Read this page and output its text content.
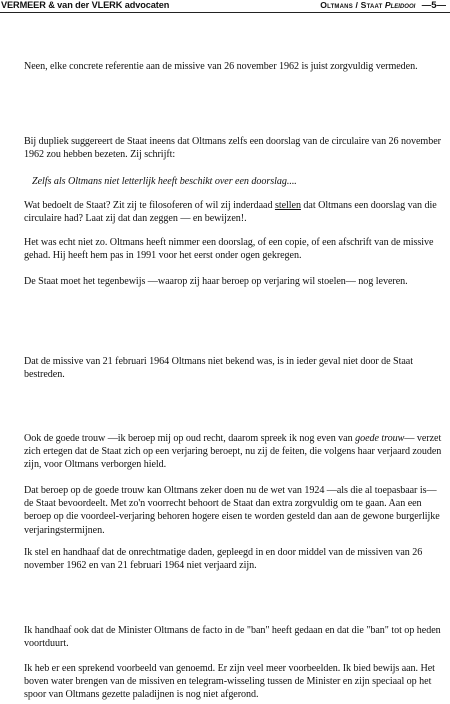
VERMEER & van der VLERK advocaten	Oltmans / Staat Pleidooi —5—

Neen, elke concrete referentie aan de missive van 26 november 1962 is juist zorgvuldig vermeden.

Bij dupliek suggereert de Staat ineens dat Oltmans zelfs een doorslag van de circulaire van 26 november 1962 zou hebben bezeten. Zij schrijft:

Zelfs als Oltmans niet letterlijk heeft beschikt over een doorslag....

Wat bedoelt de Staat? Zit zij te filosoferen of wil zij inderdaad stellen dat Oltmans een doorslag van die circulaire had? Laat zij dat dan zeggen — en bewijzen!.

Het was echt niet zo. Oltmans heeft nimmer een doorslag, of een copie, of een afschrift van de missive gehad. Hij heeft hem pas in 1991 voor het eerst onder ogen gekregen.

De Staat moet het tegenbewijs —waarop zij haar beroep op verjaring wil stoelen— nog leveren.

Dat de missive van 21 februari 1964 Oltmans niet bekend was, is in ieder geval niet door de Staat bestreden.

Ook de goede trouw —ik beroep mij op oud recht, daarom spreek ik nog even van goede trouw— verzet zich ertegen dat de Staat zich op een verjaring beroept, nu zij de feiten, die volgens haar verjaard zouden zijn, voor Oltmans verborgen hield.

Dat beroep op de goede trouw kan Oltmans zeker doen nu de wet van 1924 —als die al toepasbaar is— de Staat bevoordeelt. Met zo'n voorrecht behoort de Staat dan extra zorgvuldig om te gaan. Aan een beroep op die voordeel-verjaring behoren hogere eisen te worden gesteld dan aan de gewone burgerlijke verjaringstermijnen.

Ik stel en handhaaf dat de onrechtmatige daden, gepleegd in en door middel van de missiven van 26 november 1962 en van 21 februari 1964 niet verjaard zijn.

Ik handhaaf ook dat de Minister Oltmans de facto in de "ban" heeft gedaan en dat die "ban" tot op heden voortduurt.

Ik heb er een sprekend voorbeeld van genoemd. Er zijn veel meer voorbeelden. Ik bied bewijs aan. Het boven water brengen van de missiven en telegram-wisseling tussen de Minister en zijn speciaal op het spoor van Oltmans gezette paladijnen is nog niet afgerond.
